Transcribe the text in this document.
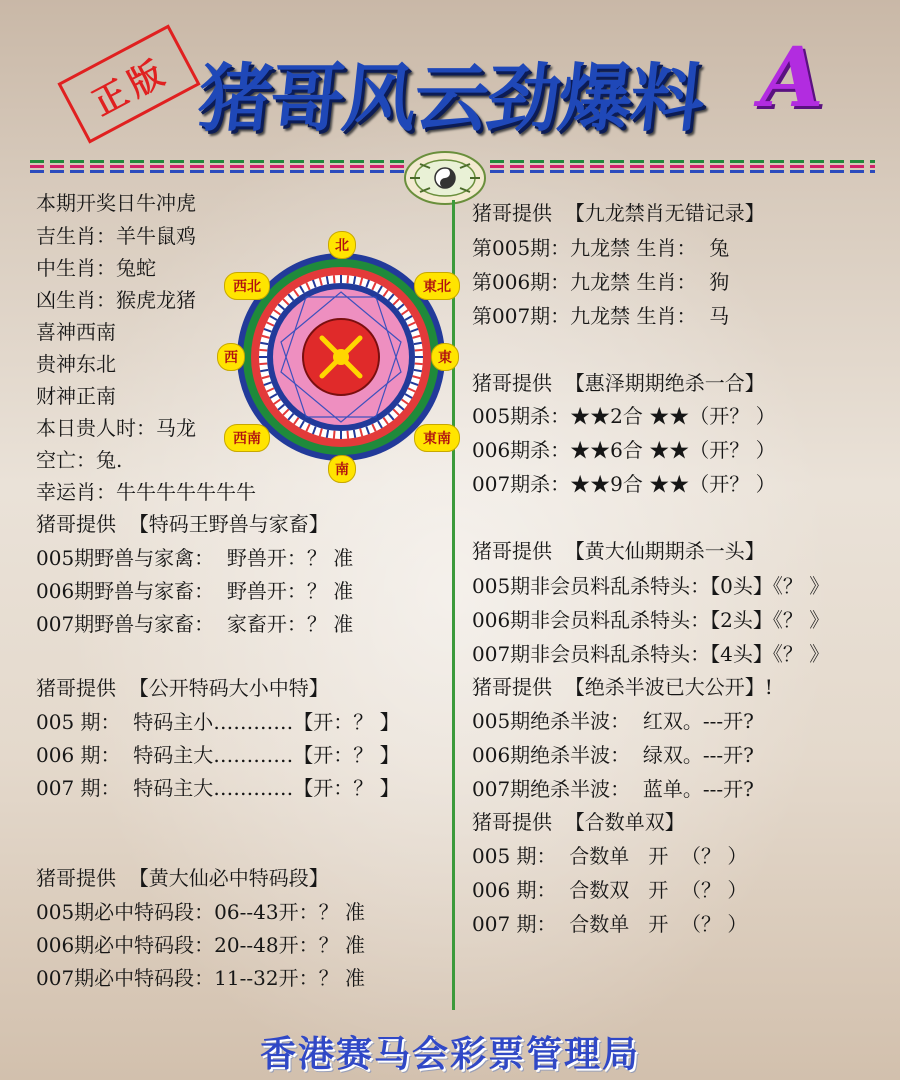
正版 猪哥风云劲爆料 A
本期开奖日牛冲虎
吉生肖：羊牛鼠鸡
中生肖：兔蛇
凶生肖：猴虎龙猪
喜神西南
贵神东北
财神正南
本日贵人时：马龙
空亡：兔.
幸运肖：牛牛牛牛牛牛牛
猪哥提供  【特码王野兽与家畜】
005期野兽与家禽：  野兽开：？ 准
006期野兽与家畜：  野兽开：？ 准
007期野兽与家畜：  家畜开：？ 准
猪哥提供  【公开特码大小中特】
005 期：  特码主小…………【开：？ 】
006 期：  特码主大…………【开：？ 】
007 期：  特码主大…………【开：？ 】
猪哥提供  【黄大仙必中特码段】
005期必中特码段：06--43开：？ 准
006期必中特码段：20--48开：？ 准
007期必中特码段：11--32开：？ 准
猪哥提供  【九龙禁肖无错记录】
第005期：九龙禁 生肖：  兔
第006期：九龙禁 生肖：  狗
第007期：九龙禁 生肖：  马
猪哥提供  【惠泽期期绝杀一合】
005期杀：★★2合 ★★（开？ ）
006期杀：★★6合 ★★（开？ ）
007期杀：★★9合 ★★（开？ ）
猪哥提供  【黄大仙期期杀一头】
005期非会员料乱杀特头：【0头】《？ 》
006期非会员料乱杀特头：【2头】《？ 》
007期非会员料乱杀特头：【4头】《？ 》
猪哥提供  【绝杀半波已大公开】!
005期绝杀半波：  红双。---开?
006期绝杀半波：  绿双。---开?
007期绝杀半波：  蓝单。---开?
猪哥提供  【合数单双】
005 期：  合数单   开  （？ ）
006 期：  合数双   开  （？ ）
007 期：  合数单   开  （？ ）
北
南
東
西
西北	東北
西南	東南
香港赛马会彩票管理局
